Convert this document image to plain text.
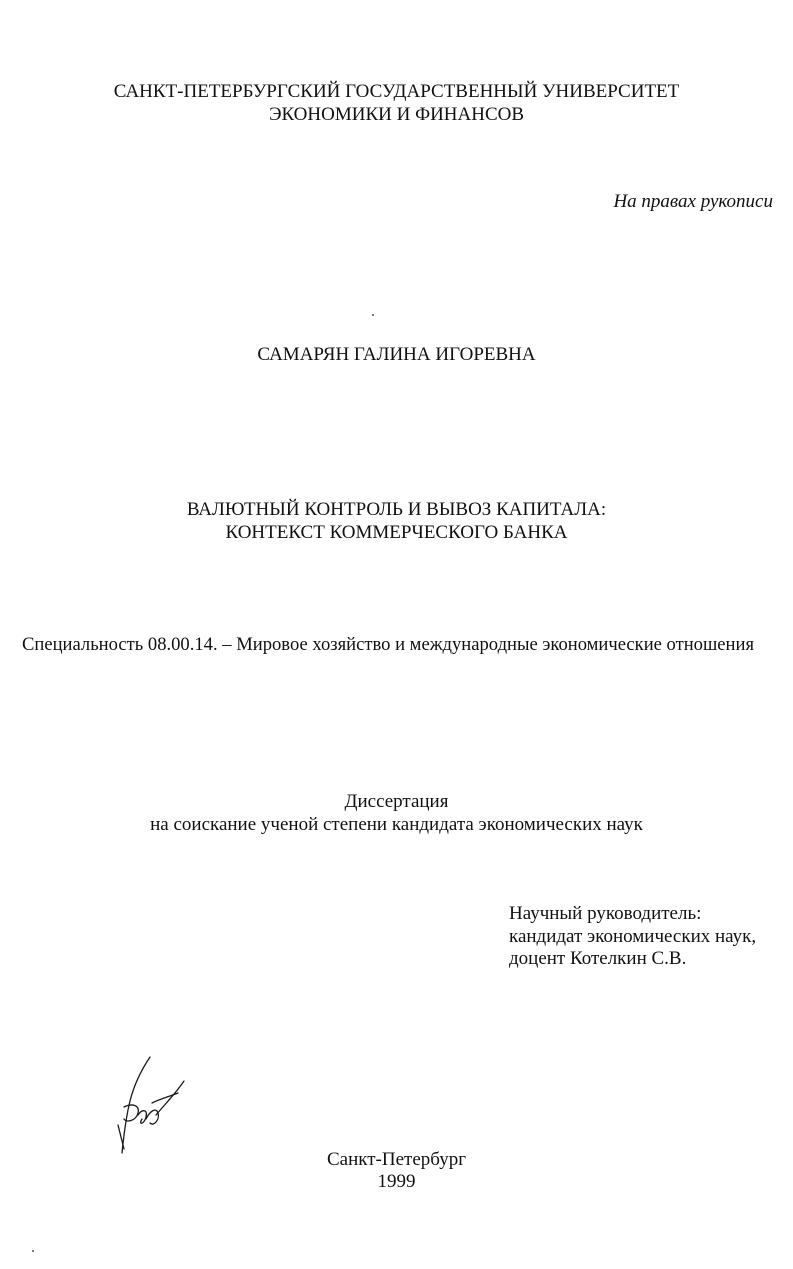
САНКТ-ПЕТЕРБУРГСКИЙ ГОСУДАРСТВЕННЫЙ УНИВЕРСИТЕТ
ЭКОНОМИКИ И ФИНАНСОВ
На правах рукописи
САМАРЯН ГАЛИНА ИГОРЕВНА
ВАЛЮТНЫЙ КОНТРОЛЬ И ВЫВОЗ КАПИТАЛА:
КОНТЕКСТ КОММЕРЧЕСКОГО БАНКА
Специальность 08.00.14. – Мировое хозяйство и международные экономические отношения
Диссертация
на соискание ученой степени кандидата экономических наук
Научный руководитель:
кандидат экономических наук,
доцент Котелкин С.В.
Санкт-Петербург
1999
